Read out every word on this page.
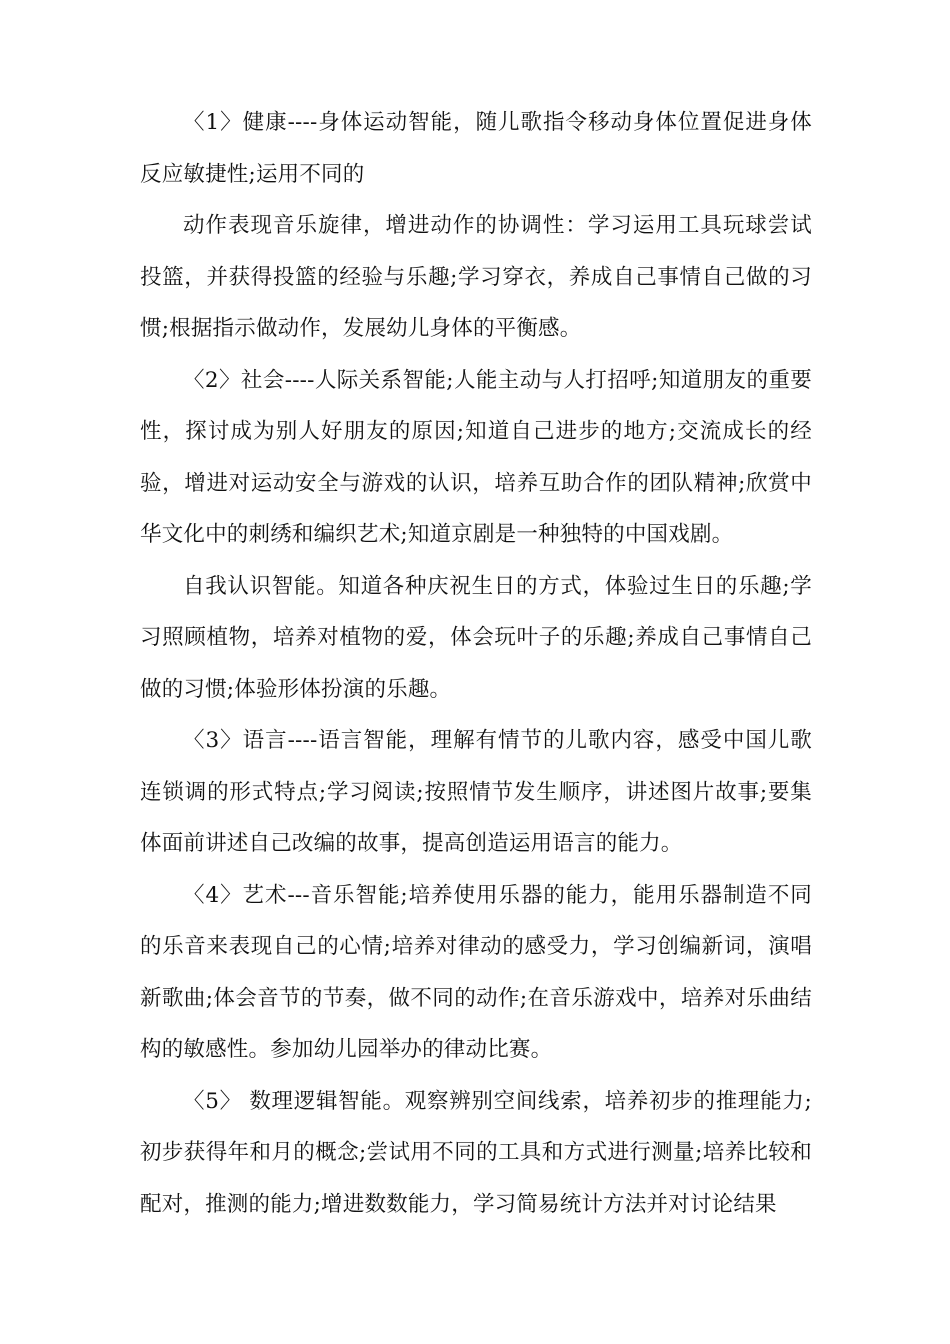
〈1〉健康----身体运动智能，随儿歌指令移动身体位置促进身体反应敏捷性;运用不同的

动作表现音乐旋律，增进动作的协调性：学习运用工具玩球尝试投篮，并获得投篮的经验与乐趣;学习穿衣，养成自己事情自己做的习惯;根据指示做动作，发展幼儿身体的平衡感。

〈2〉社会----人际关系智能;人能主动与人打招呼;知道朋友的重要性，探讨成为别人好朋友的原因;知道自己进步的地方;交流成长的经验，增进对运动安全与游戏的认识，培养互助合作的团队精神;欣赏中华文化中的刺绣和编织艺术;知道京剧是一种独特的中国戏剧。

自我认识智能。知道各种庆祝生日的方式，体验过生日的乐趣;学习照顾植物，培养对植物的爱，体会玩叶子的乐趣;养成自己事情自己做的习惯;体验形体扮演的乐趣。

〈3〉语言----语言智能，理解有情节的儿歌内容，感受中国儿歌连锁调的形式特点;学习阅读;按照情节发生顺序，讲述图片故事;要集体面前讲述自己改编的故事，提高创造运用语言的能力。

〈4〉艺术---音乐智能;培养使用乐器的能力，能用乐器制造不同的乐音来表现自己的心情;培养对律动的感受力，学习创编新词，演唱新歌曲;体会音节的节奏，做不同的动作;在音乐游戏中，培养对乐曲结构的敏感性。参加幼儿园举办的律动比赛。

〈5〉 数理逻辑智能。观察辨别空间线索，培养初步的推理能力;初步获得年和月的概念;尝试用不同的工具和方式进行测量;培养比较和配对，推测的能力;增进数数能力，学习简易统计方法并对讨论结果
